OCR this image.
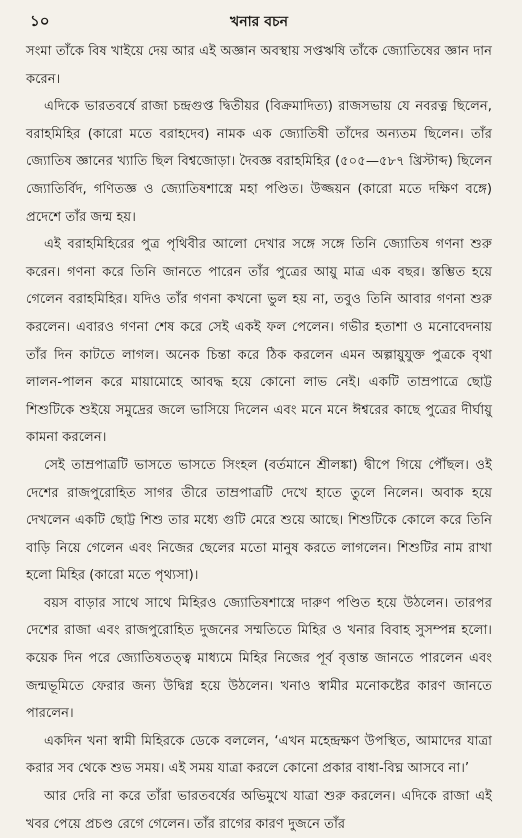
১০	খনার বচন

সংমা তাঁকে বিষ খাইয়ে দেয় আর এই অজ্ঞান অবস্থায় সপ্তঋষি তাঁকে জ্যোতিষের জ্ঞান দান করেন।

এদিকে ভারতবর্ষে রাজা চন্দ্রগুপ্ত দ্বিতীয়র (বিক্রমাদিত্য) রাজসভায় যে নবরত্ন ছিলেন, বরাহমিহির (কারো মতে বরাহদেব) নামক এক জ্যোতিষী তাঁদের অন্যতম ছিলেন। তাঁর জ্যোতিষ জ্ঞানের খ্যাতি ছিল বিশ্বজোড়া। দৈবজ্ঞ বরাহমিহির (৫০৫—৫৮৭ খ্রিস্টাব্দ) ছিলেন জ্যোতির্বিদ, গণিতজ্ঞ ও জ্যোতিষশাস্ত্রে মহা পণ্ডিত। উজ্জয়ন (কারো মতে দক্ষিণ বঙ্গে) প্রদেশে তাঁর জন্ম হয়।

এই বরাহমিহিরের পুত্র পৃথিবীর আলো দেখার সঙ্গে সঙ্গে তিনি জ্যোতিষ গণনা শুরু করেন। গণনা করে তিনি জানতে পারেন তাঁর পুত্রের আয়ু মাত্র এক বছর। স্তম্ভিত হয়ে গেলেন বরাহমিহির। যদিও তাঁর গণনা কখনো ভুল হয় না, তবুও তিনি আবার গণনা শুরু করলেন। এবারও গণনা শেষ করে সেই একই ফল পেলেন। গভীর হতাশা ও মনোবেদনায় তাঁর দিন কাটতে লাগল। অনেক চিন্তা করে ঠিক করলেন এমন অল্পায়ুযুক্ত পুত্রকে বৃথা লালন-পালন করে মায়ামোহে আবদ্ধ হয়ে কোনো লাভ নেই। একটি তাম্রপাত্রে ছোট্ট শিশুটিকে শুইয়ে সমুদ্রের জলে ভাসিয়ে দিলেন এবং মনে মনে ঈশ্বরের কাছে পুত্রের দীর্ঘায়ু কামনা করলেন।

সেই তাম্রপাত্রটি ভাসতে ভাসতে সিংহল (বর্তমানে শ্রীলঙ্কা) দ্বীপে গিয়ে পৌঁছল। ওই দেশের রাজপুরোহিত সাগর তীরে তাম্রপাত্রটি দেখে হাতে তুলে নিলেন। অবাক হয়ে দেখলেন একটি ছোট্ট শিশু তার মধ্যে গুটি মেরে শুয়ে আছে। শিশুটিকে কোলে করে তিনি বাড়ি নিয়ে গেলেন এবং নিজের ছেলের মতো মানুষ করতে লাগলেন। শিশুটির নাম রাখা হলো মিহির (কারো মতে পৃথ্যসা)।

বয়স বাড়ার সাথে সাথে মিহিরও জ্যোতিষশাস্ত্রে দারুণ পণ্ডিত হয়ে উঠলেন। তারপর দেশের রাজা এবং রাজপুরোহিত দুজনের সম্মতিতে মিহির ও খনার বিবাহ সুসম্পন্ন হলো। কয়েক দিন পরে জ্যোতিষতত্ত্ব মাধ্যমে মিহির নিজের পূর্ব বৃত্তান্ত জানতে পারলেন এবং জন্মভূমিতে ফেরার জন্য উদ্বিগ্ন হয়ে উঠলেন। খনাও স্বামীর মনোকষ্টের কারণ জানতে পারলেন।

একদিন খনা স্বামী মিহিরকে ডেকে বললেন, ‘এখন মহেন্দ্রক্ষণ উপস্থিত, আমাদের যাত্রা করার সব থেকে শুভ সময়। এই সময় যাত্রা করলে কোনো প্রকার বাধা-বিঘ্ন আসবে না।’

আর দেরি না করে তাঁরা ভারতবর্ষের অভিমুখে যাত্রা শুরু করলেন। এদিকে রাজা এই খবর পেয়ে প্রচণ্ড রেগে গেলেন। তাঁর রাগের কারণ দুজনে তাঁর
